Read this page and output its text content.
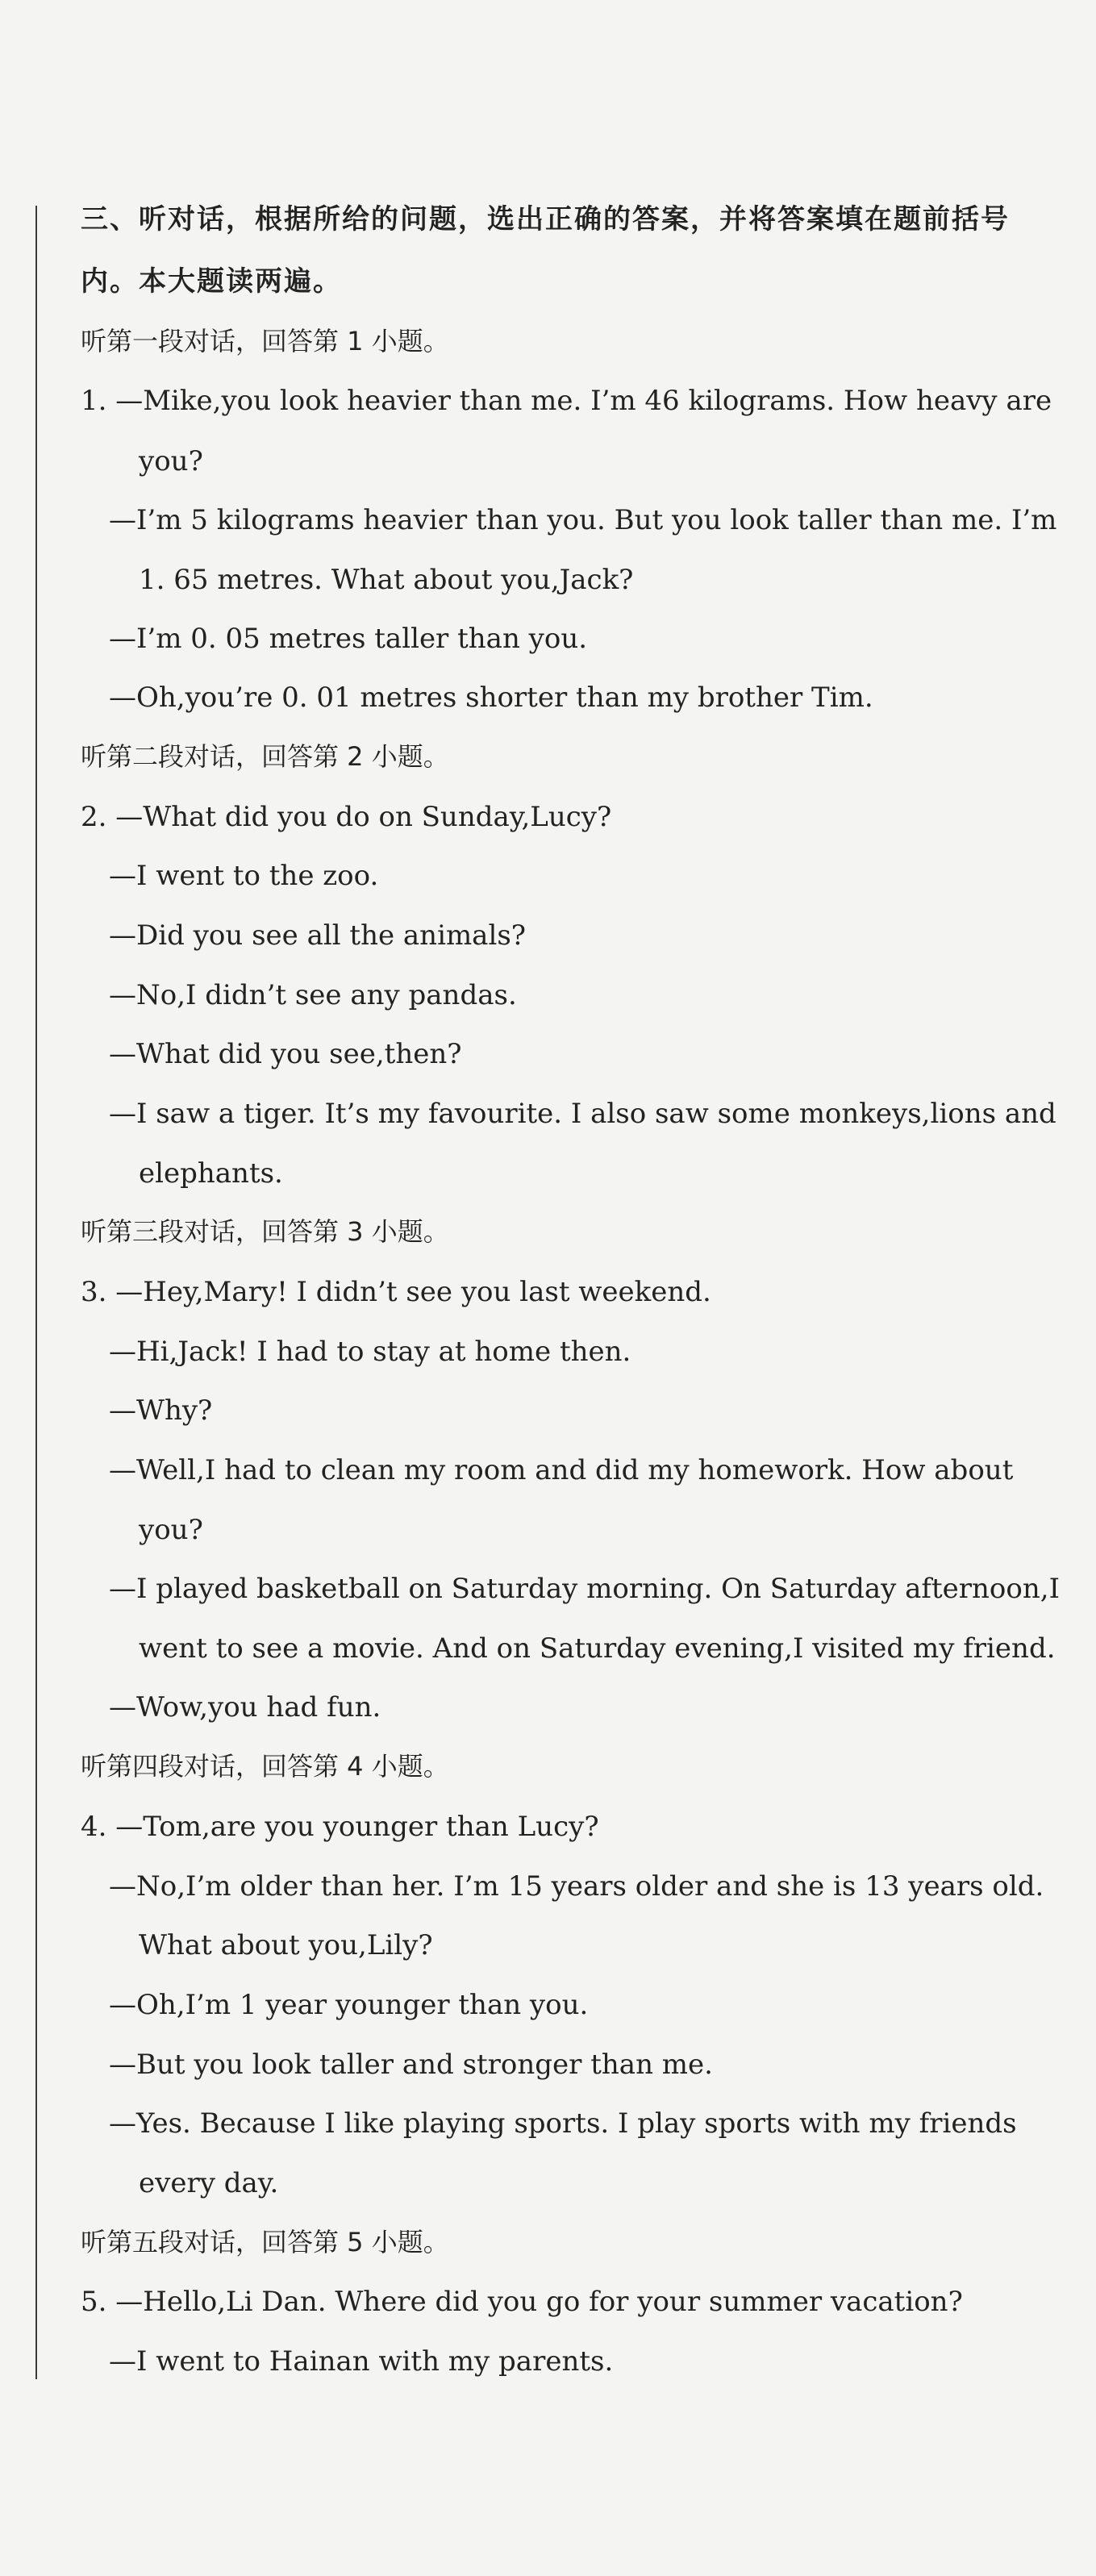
三、听对话，根据所给的问题，选出正确的答案，并将答案填在题前括号
内。本大题读两遍。
听第一段对话，回答第 1 小题。
1. —Mike,you look heavier than me. I’m 46 kilograms. How heavy are
you?
—I’m 5 kilograms heavier than you. But you look taller than me. I’m
1. 65 metres. What about you,Jack?
—I’m 0. 05 metres taller than you.
—Oh,you’re 0. 01 metres shorter than my brother Tim.
听第二段对话，回答第 2 小题。
2. —What did you do on Sunday,Lucy?
—I went to the zoo.
—Did you see all the animals?
—No,I didn’t see any pandas.
—What did you see,then?
—I saw a tiger. It’s my favourite. I also saw some monkeys,lions and
elephants.
听第三段对话，回答第 3 小题。
3. —Hey,Mary! I didn’t see you last weekend.
—Hi,Jack! I had to stay at home then.
—Why?
—Well,I had to clean my room and did my homework. How about
you?
—I played basketball on Saturday morning. On Saturday afternoon,I
went to see a movie. And on Saturday evening,I visited my friend.
—Wow,you had fun.
听第四段对话，回答第 4 小题。
4. —Tom,are you younger than Lucy?
—No,I’m older than her. I’m 15 years older and she is 13 years old.
What about you,Lily?
—Oh,I’m 1 year younger than you.
—But you look taller and stronger than me.
—Yes. Because I like playing sports. I play sports with my friends
every day.
听第五段对话，回答第 5 小题。
5. —Hello,Li Dan. Where did you go for your summer vacation?
—I went to Hainan with my parents.
